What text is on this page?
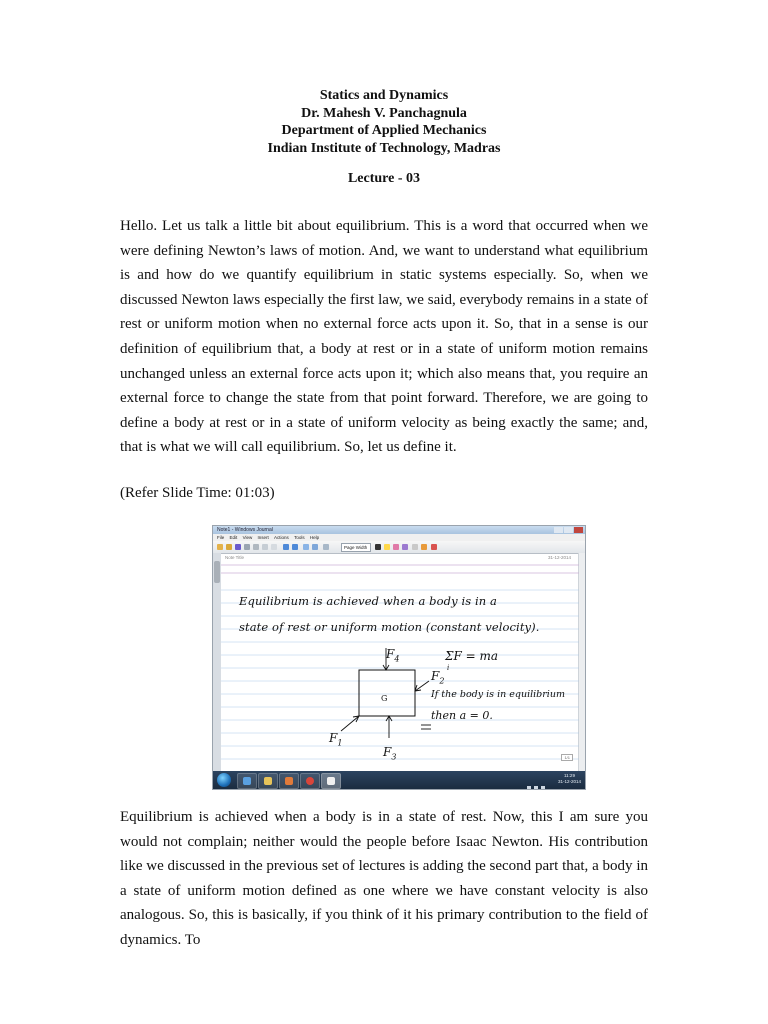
Statics and Dynamics
Dr. Mahesh V. Panchagnula
Department of Applied Mechanics
Indian Institute of Technology, Madras
Lecture - 03
Hello. Let us talk a little bit about equilibrium. This is a word that occurred when we were defining Newton’s laws of motion. And, we want to understand what equilibrium is and how do we quantify equilibrium in static systems especially. So, when we discussed Newton laws especially the first law, we said, everybody remains in a state of rest or uniform motion when no external force acts upon it. So, that in a sense is our definition of equilibrium that, a body at rest or in a state of uniform motion remains unchanged unless an external force acts upon it; which also means that, you require an external force to change the state from that point forward. Therefore, we are going to define a body at rest or in a state of uniform velocity as being exactly the same; and, that is what we will call equilibrium. So, let us define it.
(Refer Slide Time: 01:03)
Note1 - Windows Journal
File Edit View Insert Actions Tools Help
Page Width
Note Title	31-12-2014
Equilibrium is achieved when a body is in a
state of rest or uniform motion (constant velocity).
$F_4$
$F_2$
$F_1$
$F_3$
G
ΣF = ma
i
If the body is in equilibrium
then a = 0.
1/1
11:29
31-12-2014
Equilibrium is achieved when a body is in a state of rest. Now, this I am sure you would not complain; neither would the people before Isaac Newton. His contribution like we discussed in the previous set of lectures is adding the second part that, a body in a state of uniform motion defined as one where we have constant velocity is also analogous. So, this is basically, if you think of it his primary contribution to the field of dynamics. To
